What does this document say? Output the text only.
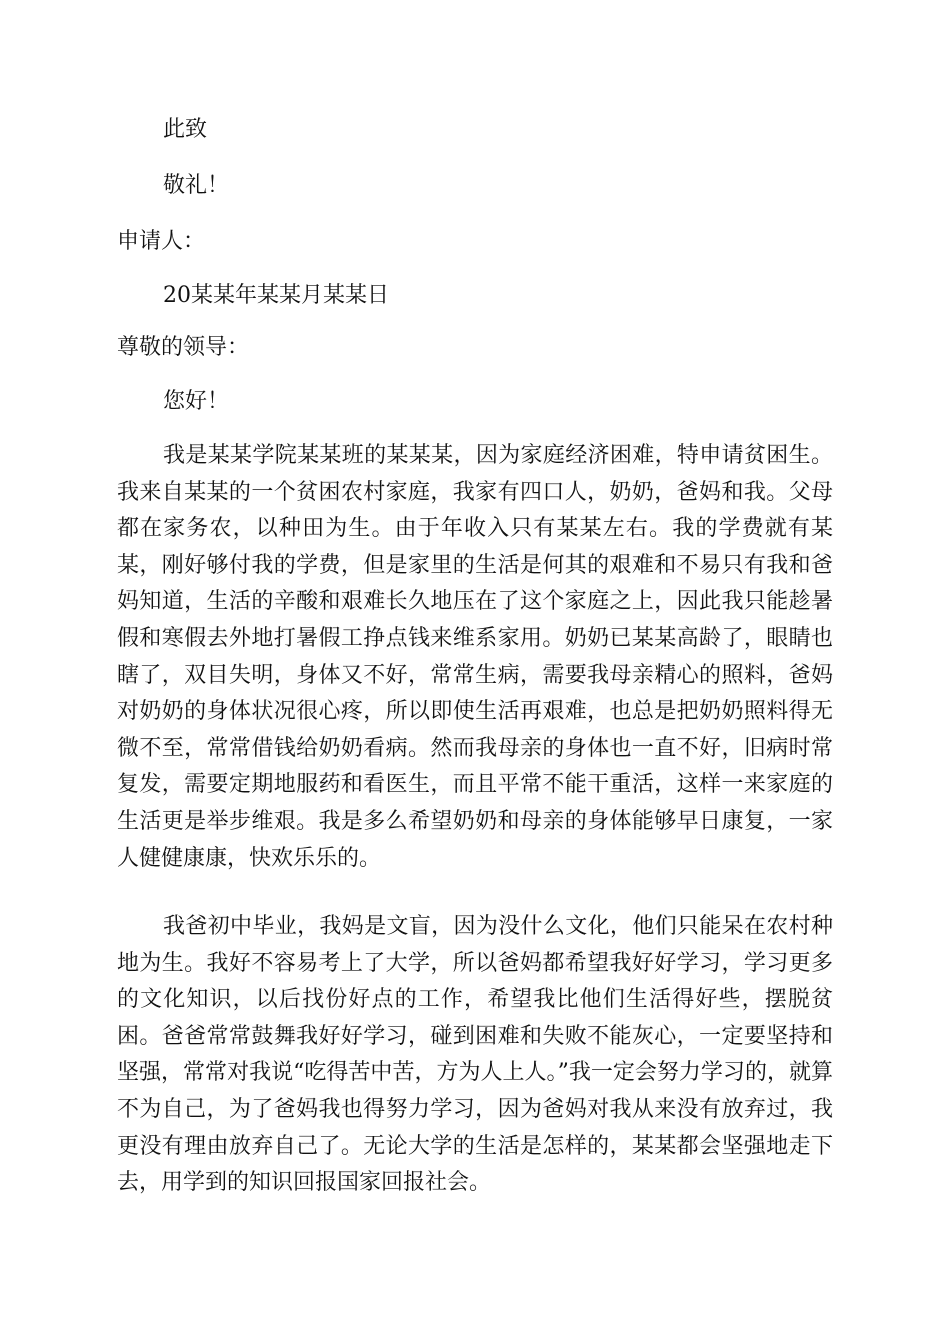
此致
敬礼！
申请人：
20某某年某某月某某日
尊敬的领导：
您好！

我是某某学院某某班的某某某，因为家庭经济困难，特申请贫困生。我来自某某的一个贫困农村家庭，我家有四口人，奶奶，爸妈和我。父母都在家务农，以种田为生。由于年收入只有某某左右。我的学费就有某某，刚好够付我的学费，但是家里的生活是何其的艰难和不易只有我和爸妈知道，生活的辛酸和艰难长久地压在了这个家庭之上，因此我只能趁暑假和寒假去外地打暑假工挣点钱来维系家用。奶奶已某某高龄了，眼睛也瞎了，双目失明，身体又不好，常常生病，需要我母亲精心的照料，爸妈对奶奶的身体状况很心疼，所以即使生活再艰难，也总是把奶奶照料得无微不至，常常借钱给奶奶看病。然而我母亲的身体也一直不好，旧病时常复发，需要定期地服药和看医生，而且平常不能干重活，这样一来家庭的生活更是举步维艰。我是多么希望奶奶和母亲的身体能够早日康复，一家人健健康康，快欢乐乐的。

我爸初中毕业，我妈是文盲，因为没什么文化，他们只能呆在农村种地为生。我好不容易考上了大学，所以爸妈都希望我好好学习，学习更多的文化知识，以后找份好点的工作，希望我比他们生活得好些，摆脱贫困。爸爸常常鼓舞我好好学习，碰到困难和失败不能灰心，一定要坚持和坚强，常常对我说“吃得苦中苦，方为人上人。”我一定会努力学习的，就算不为自己，为了爸妈我也得努力学习，因为爸妈对我从来没有放弃过，我更没有理由放弃自己了。无论大学的生活是怎样的，某某都会坚强地走下去，用学到的知识回报国家回报社会。
